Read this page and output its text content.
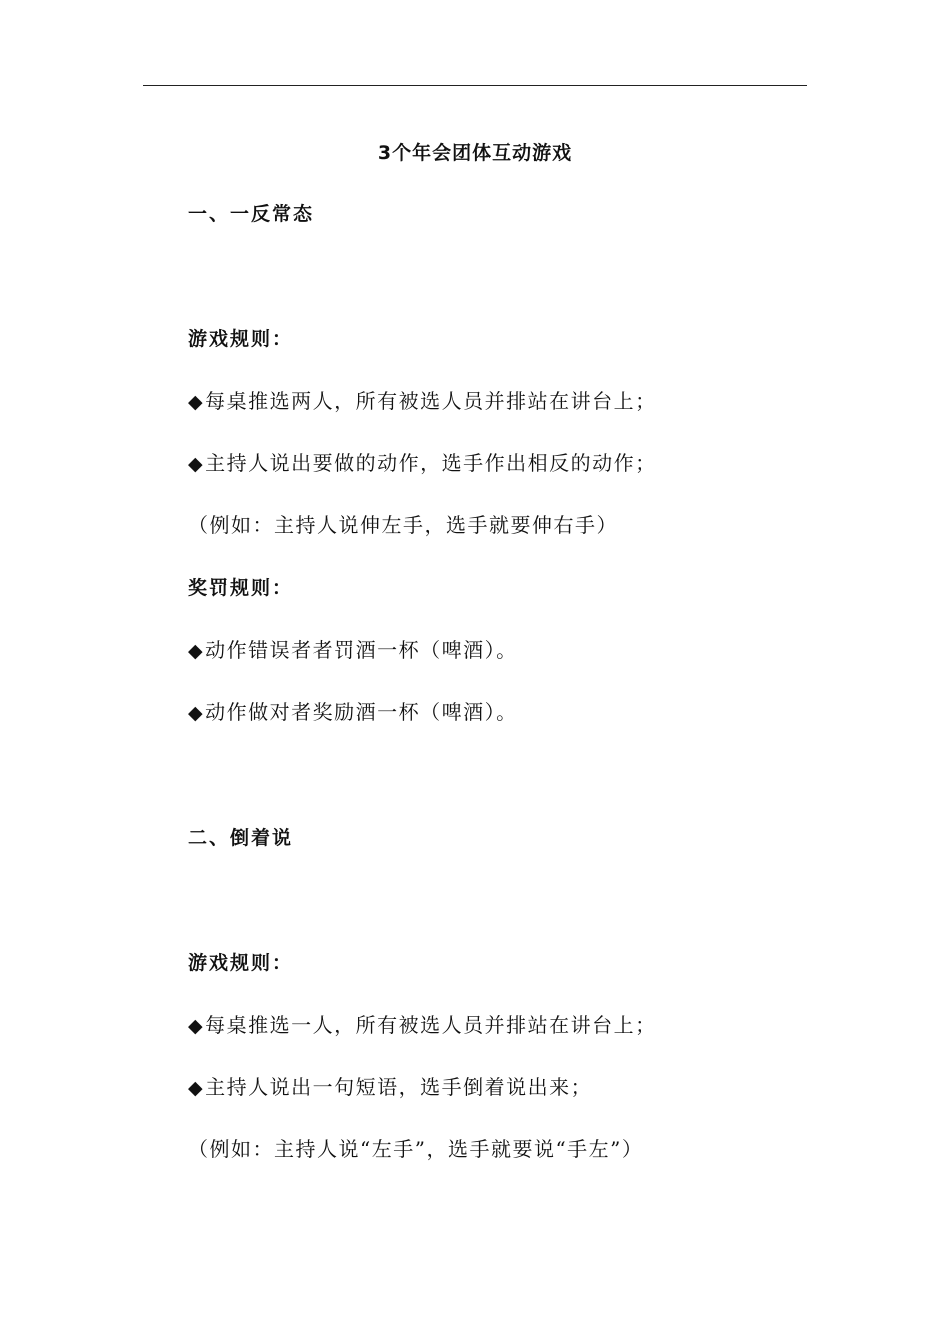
3个年会团体互动游戏
一、一反常态
游戏规则：
◆每桌推选两人，所有被选人员并排站在讲台上；
◆主持人说出要做的动作，选手作出相反的动作；
（例如：主持人说伸左手，选手就要伸右手）
奖罚规则：
◆动作错误者者罚酒一杯（啤酒）。
◆动作做对者奖励酒一杯（啤酒）。
二、倒着说
游戏规则：
◆每桌推选一人，所有被选人员并排站在讲台上；
◆主持人说出一句短语，选手倒着说出来；
（例如：主持人说“左手”，选手就要说“手左”）
